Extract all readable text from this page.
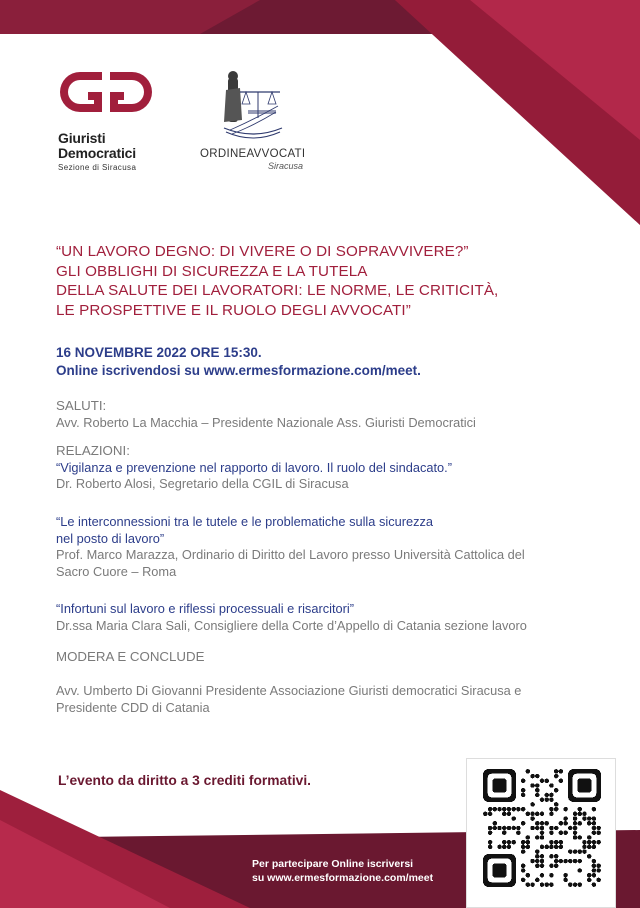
Giuristi
Democratici
Sezione di Siracusa
ORDINEAVVOCATI
Siracusa
“UN LAVORO DEGNO: DI VIVERE O DI SOPRAVVIVERE?”
GLI OBBLIGHI DI SICUREZZA E LA TUTELA
DELLA SALUTE DEI LAVORATORI: LE NORME, LE CRITICITÀ,
LE PROSPETTIVE E IL RUOLO DEGLI AVVOCATI”
16 NOVEMBRE 2022 ORE 15:30.
Online iscrivendosi su www.ermesformazione.com/meet.
SALUTI:
Avv. Roberto La Macchia – Presidente Nazionale Ass. Giuristi Democratici
RELAZIONI:
“Vigilanza e prevenzione nel rapporto di lavoro. Il ruolo del sindacato.”
Dr. Roberto Alosi, Segretario della CGIL di Siracusa
“Le interconnessioni tra le tutele e le problematiche sulla sicurezza
nel posto di lavoro”
Prof. Marco Marazza, Ordinario di Diritto del Lavoro presso Università Cattolica del
Sacro Cuore – Roma
“Infortuni sul lavoro e riflessi processuali e risarcitori”
Dr.ssa Maria Clara Sali, Consigliere della Corte d’Appello di Catania sezione lavoro
MODERA E CONCLUDE
Avv. Umberto Di Giovanni Presidente Associazione Giuristi democratici Siracusa e
Presidente CDD di Catania
L’evento da diritto a 3 crediti formativi.
Per partecipare Online iscriversi
su www.ermesformazione.com/meet
